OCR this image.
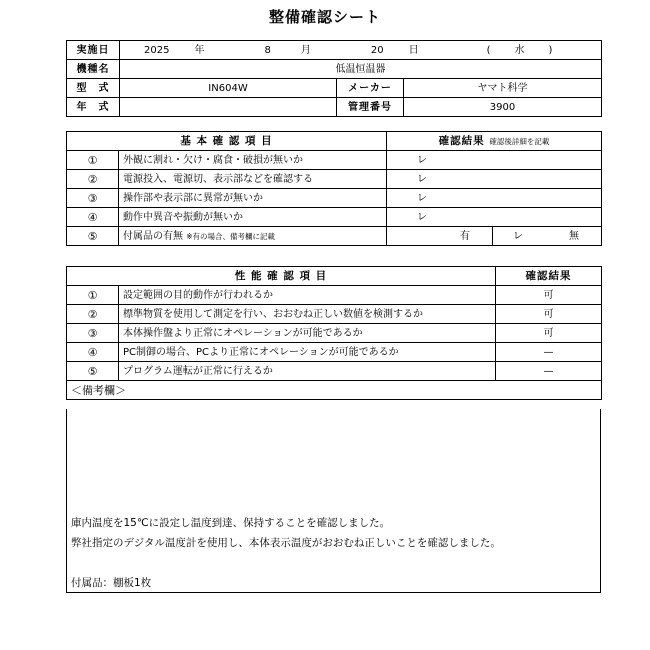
整備確認シート
実施日	2025 年 8 月 20 日 ( 水 )		
機種名	低温恒温器		
型　式	IN604W	メーカー	ヤマト科学
年　式		管理番号	3900
基 本 確 認 項 目		確認結果 確認後詳細を記載	
①	外観に割れ・欠け・腐食・破損が無いか	レ	
②	電源投入、電源切、表示部などを確認する	レ	
③	操作部や表示部に異常が無いか	レ	
④	動作中異音や振動が無いか	レ	
⑤	付属品の有無 ※有の場合、備考欄に記載	有	レ 無
性 能 確 認 項 目		確認結果
①	設定範囲の目的動作が行われるか	可
②	標準物質を使用して測定を行い、おおむね正しい数値を検測するか	可
③	本体操作盤より正常にオペレーションが可能であるか	可
④	PC制御の場合、PCより正常にオペレーションが可能であるか	—
⑤	プログラム運転が正常に行えるか	—
＜備考欄＞		
庫内温度を15℃に設定し温度到達、保持することを確認しました。
弊社指定のデジタル温度計を使用し、本体表示温度がおおむね正しいことを確認しました。
付属品：棚板1枚
